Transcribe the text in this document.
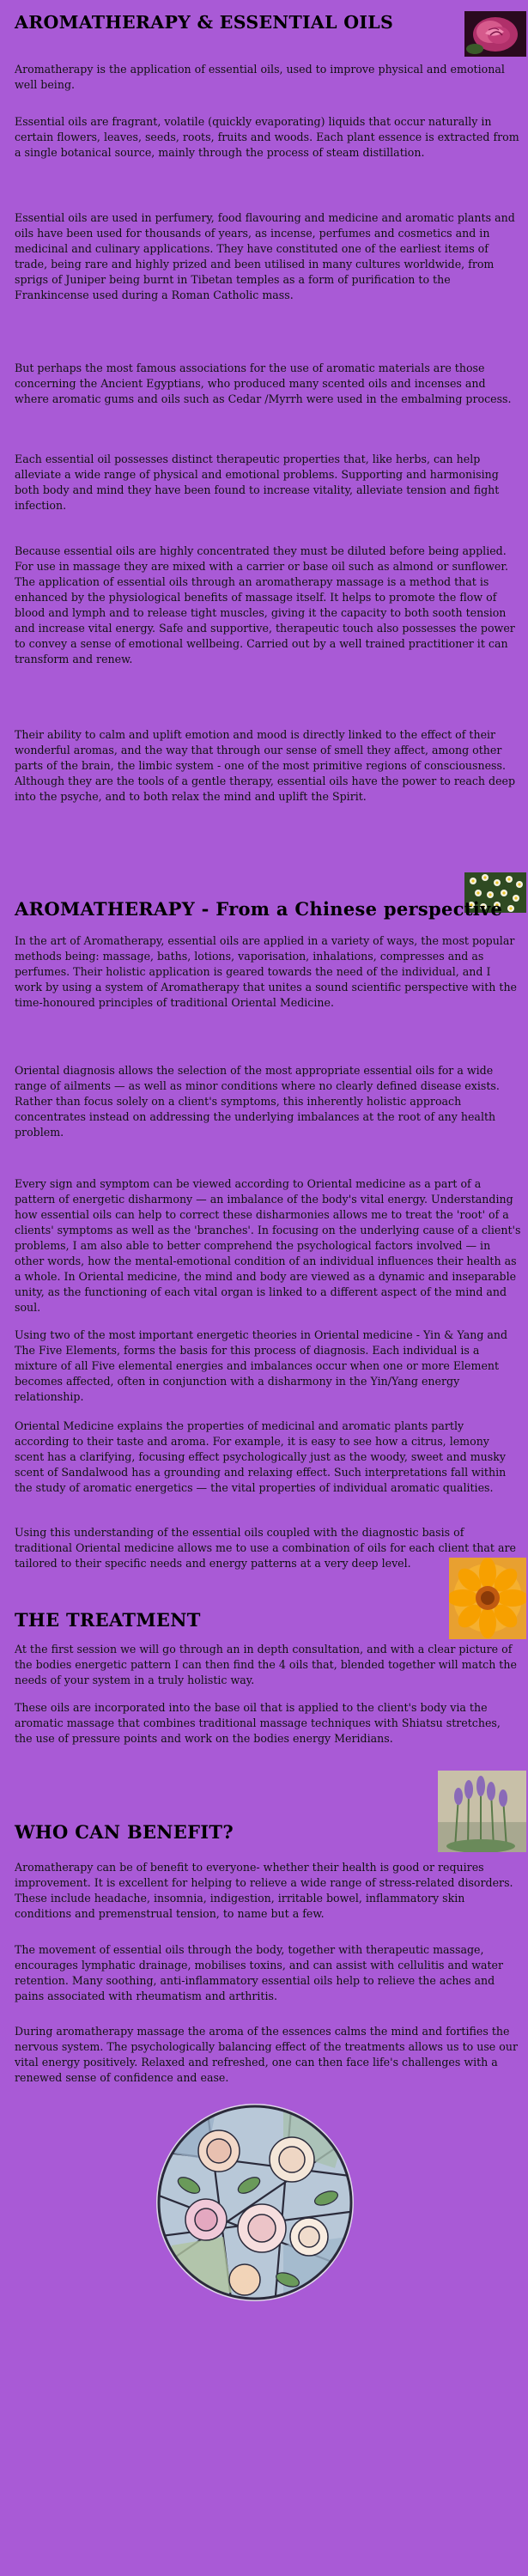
AROMATHERAPY & ESSENTIAL OILS

Aromatherapy is the application of essential oils, used to improve physical and emotional well being.

Essential oils are fragrant, volatile (quickly evaporating) liquids that occur naturally in certain flowers, leaves, seeds, roots, fruits and woods. Each plant essence is extracted from a single botanical source, mainly through the process of steam distillation.

Essential oils are used in perfumery, food flavouring and medicine and aromatic plants and oils have been used for thousands of years, as incense, perfumes and cosmetics and in medicinal and culinary applications. They have constituted one of the earliest items of trade, being rare and highly prized and been utilised in many cultures worldwide, from sprigs of Juniper being burnt in Tibetan temples as a form of purification to the Frankincense used during a Roman Catholic mass.

But perhaps the most famous associations for the use of aromatic materials are those concerning the Ancient Egyptians, who produced many scented oils and incenses and where aromatic gums and oils such as Cedar /Myrrh were used in the embalming process.

Each essential oil possesses distinct therapeutic properties that, like herbs, can help alleviate a wide range of physical and emotional problems. Supporting and harmonising both body and mind they have been found to increase vitality, alleviate tension and fight infection.

Because essential oils are highly concentrated they must be diluted before being applied. For use in massage they are mixed with a carrier or base oil such as almond or sunflower. The application of essential oils through an aromatherapy massage is a method that is enhanced by the physiological benefits of massage itself. It helps to promote the flow of blood and lymph and to release tight muscles, giving it the capacity to both sooth tension and increase vital energy. Safe and supportive, therapeutic touch also possesses the power to convey a sense of emotional wellbeing. Carried out by a well trained practitioner it can transform and renew.

Their ability to calm and uplift emotion and mood is directly linked to the effect of their wonderful aromas, and the way that through our sense of smell they affect, among other parts of the brain, the limbic system - one of the most primitive regions of consciousness. Although they are the tools of a gentle therapy, essential oils have the power to reach deep into the psyche, and to both relax the mind and uplift the Spirit.

AROMATHERAPY - From a Chinese perspective

In the art of Aromatherapy, essential oils are applied in a variety of ways, the most popular methods being: massage, baths, lotions, vaporisation, inhalations, compresses and as perfumes. Their holistic application is geared towards the need of the individual, and I work by using a system of Aromatherapy that unites a sound scientific perspective with the time-honoured principles of traditional Oriental Medicine.

Oriental diagnosis allows the selection of the most appropriate essential oils for a wide range of ailments — as well as minor conditions where no clearly defined disease exists. Rather than focus solely on a client's symptoms, this inherently holistic approach concentrates instead on addressing the underlying imbalances at the root of any health problem.

Every sign and symptom can be viewed according to Oriental medicine as a part of a pattern of energetic disharmony — an imbalance of the body's vital energy. Understanding how essential oils can help to correct these disharmonies allows me to treat the 'root' of a clients' symptoms as well as the 'branches'. In focusing on the underlying cause of a client's problems, I am also able to better comprehend the psychological factors involved — in other words, how the mental-emotional condition of an individual influences their health as a whole. In Oriental medicine, the mind and body are viewed as a dynamic and inseparable unity, as the functioning of each vital organ is linked to a different aspect of the mind and soul.

Using two of the most important energetic theories in Oriental medicine - Yin & Yang and The Five Elements, forms the basis for this process of diagnosis. Each individual is a mixture of all Five elemental energies and imbalances occur when one or more Element becomes affected, often in conjunction with a disharmony in the Yin/Yang energy relationship.

Oriental Medicine explains the properties of medicinal and aromatic plants partly according to their taste and aroma. For example, it is easy to see how a citrus, lemony scent has a clarifying, focusing effect psychologically just as the woody, sweet and musky scent of Sandalwood has a grounding and relaxing effect. Such interpretations fall within the study of aromatic energetics — the vital properties of individual aromatic qualities.

Using this understanding of the essential oils coupled with the diagnostic basis of traditional Oriental medicine allows me to use a combination of oils for each client that are tailored to their specific needs and energy patterns at a very deep level.

THE TREATMENT

At the first session we will go through an in depth consultation, and with a clear picture of the bodies energetic pattern I can then find the 4 oils that, blended together will match the needs of your system in a truly holistic way.

These oils are incorporated into the base oil that is applied to the client's body via the aromatic massage that combines traditional massage techniques with Shiatsu stretches, the use of pressure points and work on the bodies energy Meridians.

WHO CAN BENEFIT?

Aromatherapy can be of benefit to everyone- whether their health is good or requires improvement. It is excellent for helping to relieve a wide range of stress-related disorders. These include headache, insomnia, indigestion, irritable bowel, inflammatory skin conditions and premenstrual tension, to name but a few.

The movement of essential oils through the body, together with therapeutic massage, encourages lymphatic drainage, mobilises toxins, and can assist with cellulitis and water retention. Many soothing, anti-inflammatory essential oils help to relieve the aches and pains associated with rheumatism and arthritis.

During aromatherapy massage the aroma of the essences calms the mind and fortifies the nervous system. The psychologically balancing effect of the treatments allows us to use our vital energy positively. Relaxed and refreshed, one can then face life's challenges with a renewed sense of confidence and ease.
